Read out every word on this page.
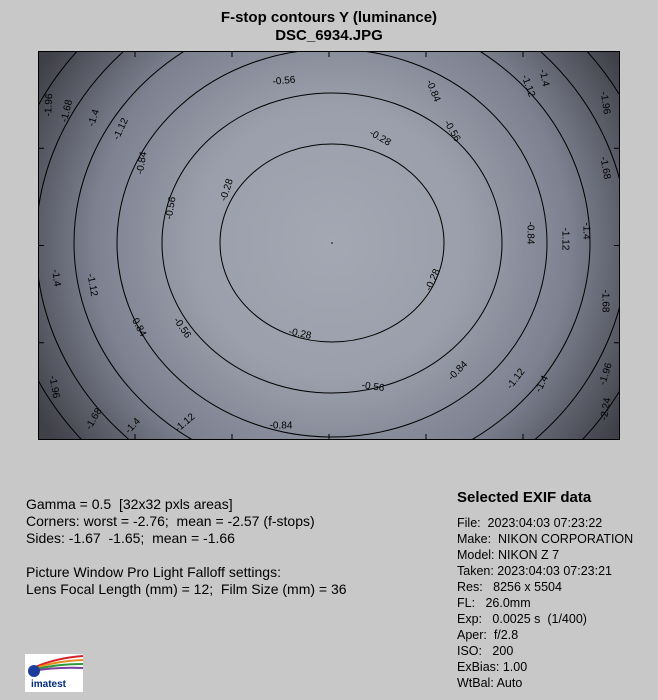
F-stop contours Y (luminance)
DSC_6934.JPG
-0.28
-0.28
-0.28
-0.28
-0.56
-0.56
-0.56
-0.56
-0.56
-0.84
-0.84
-0.84
-0.84
-0.84
-0.84
-1.12
-1.12
-1.12
-1.12
-1.12
-1.12
-1.4
-1.4
-1.4
-1.4
-1.4
-1.4
-1.68
-1.68
-1.68
-1.68
-1.96
-1.96
-1.96
-1.96
-2.24
Gamma = 0.5  [32x32 pxls areas]
Corners: worst = -2.76;  mean = -2.57 (f-stops)
Sides: -1.67  -1.65;  mean = -1.66
Picture Window Pro Light Falloff settings:
Lens Focal Length (mm) = 12;  Film Size (mm) = 36
Selected EXIF data
File:  2023:04:03 07:23:22
Make:  NIKON CORPORATION
Model: NIKON Z 7
Taken: 2023:04:03 07:23:21
Res:   8256 x 5504
FL:   26.0mm
Exp:   0.0025 s  (1/400)
Aper:  f/2.8
ISO:   200
ExBias: 1.00
WtBal: Auto
imatest
